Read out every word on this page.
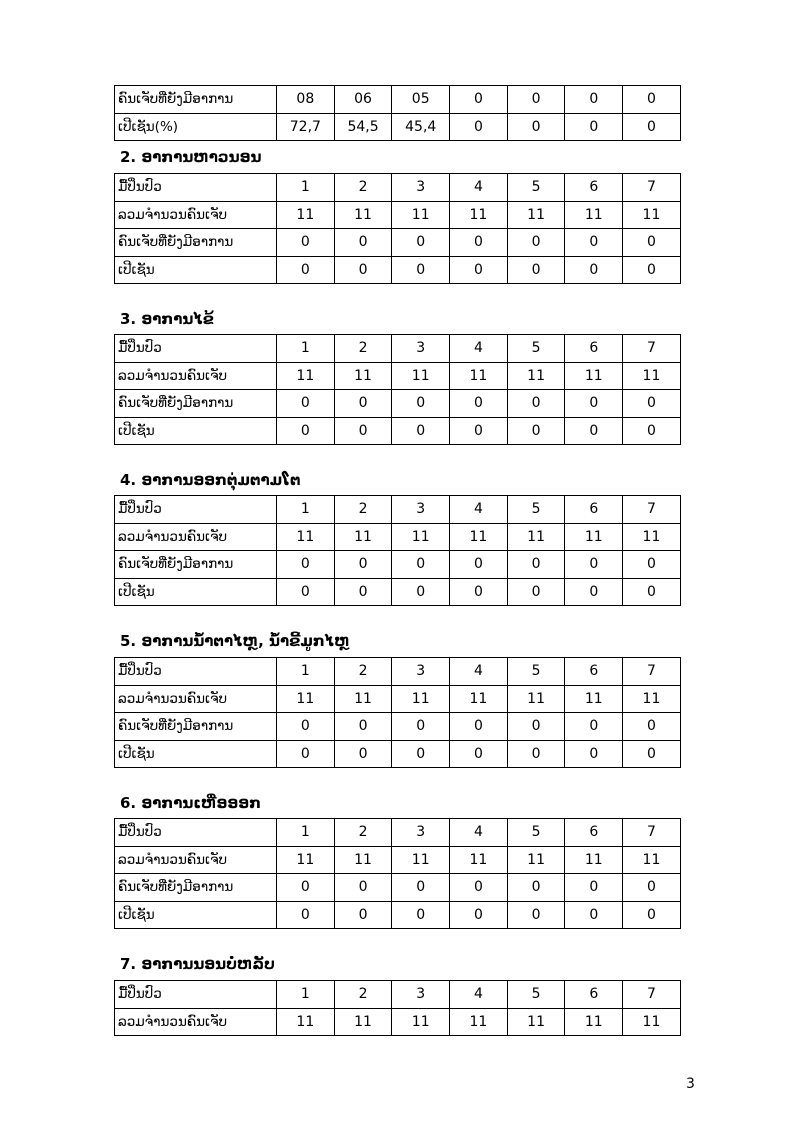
ຄົນເຈັບທີ່ຍັງມີອາການ	08	06	05	0	0	0	0
ເປີເຊັນ(%)	72,7	54,5	45,4	0	0	0	0
2. ອາການຫາວນອນ
ມື້ປິ່ນປົວ	1	2	3	4	5	6	7
ລວມຈໍານວນຄົນເຈັບ	11	11	11	11	11	11	11
ຄົນເຈັບທີ່ຍັງມີອາການ	0	0	0	0	0	0	0
ເປີເຊັນ	0	0	0	0	0	0	0
3. ອາການໄຂ້
ມື້ປິ່ນປົວ	1	2	3	4	5	6	7
ລວມຈໍານວນຄົນເຈັບ	11	11	11	11	11	11	11
ຄົນເຈັບທີ່ຍັງມີອາການ	0	0	0	0	0	0	0
ເປີເຊັນ	0	0	0	0	0	0	0
4. ອາການອອກຕຸ່ມຕາມໂຕ
ມື້ປິ່ນປົວ	1	2	3	4	5	6	7
ລວມຈໍານວນຄົນເຈັບ	11	11	11	11	11	11	11
ຄົນເຈັບທີ່ຍັງມີອາການ	0	0	0	0	0	0	0
ເປີເຊັນ	0	0	0	0	0	0	0
5. ອາການນໍ້າຕາໄຫຼ, ນໍ້າຂີ້ມູກໄຫຼ
ມື້ປິ່ນປົວ	1	2	3	4	5	6	7
ລວມຈໍານວນຄົນເຈັບ	11	11	11	11	11	11	11
ຄົນເຈັບທີ່ຍັງມີອາການ	0	0	0	0	0	0	0
ເປີເຊັນ	0	0	0	0	0	0	0
6. ອາການເຫື່ອອອກ
ມື້ປິ່ນປົວ	1	2	3	4	5	6	7
ລວມຈໍານວນຄົນເຈັບ	11	11	11	11	11	11	11
ຄົນເຈັບທີ່ຍັງມີອາການ	0	0	0	0	0	0	0
ເປີເຊັນ	0	0	0	0	0	0	0
7. ອາການນອນບໍ່ຫລັບ
ມື້ປິ່ນປົວ	1	2	3	4	5	6	7
ລວມຈໍານວນຄົນເຈັບ	11	11	11	11	11	11	11
3
